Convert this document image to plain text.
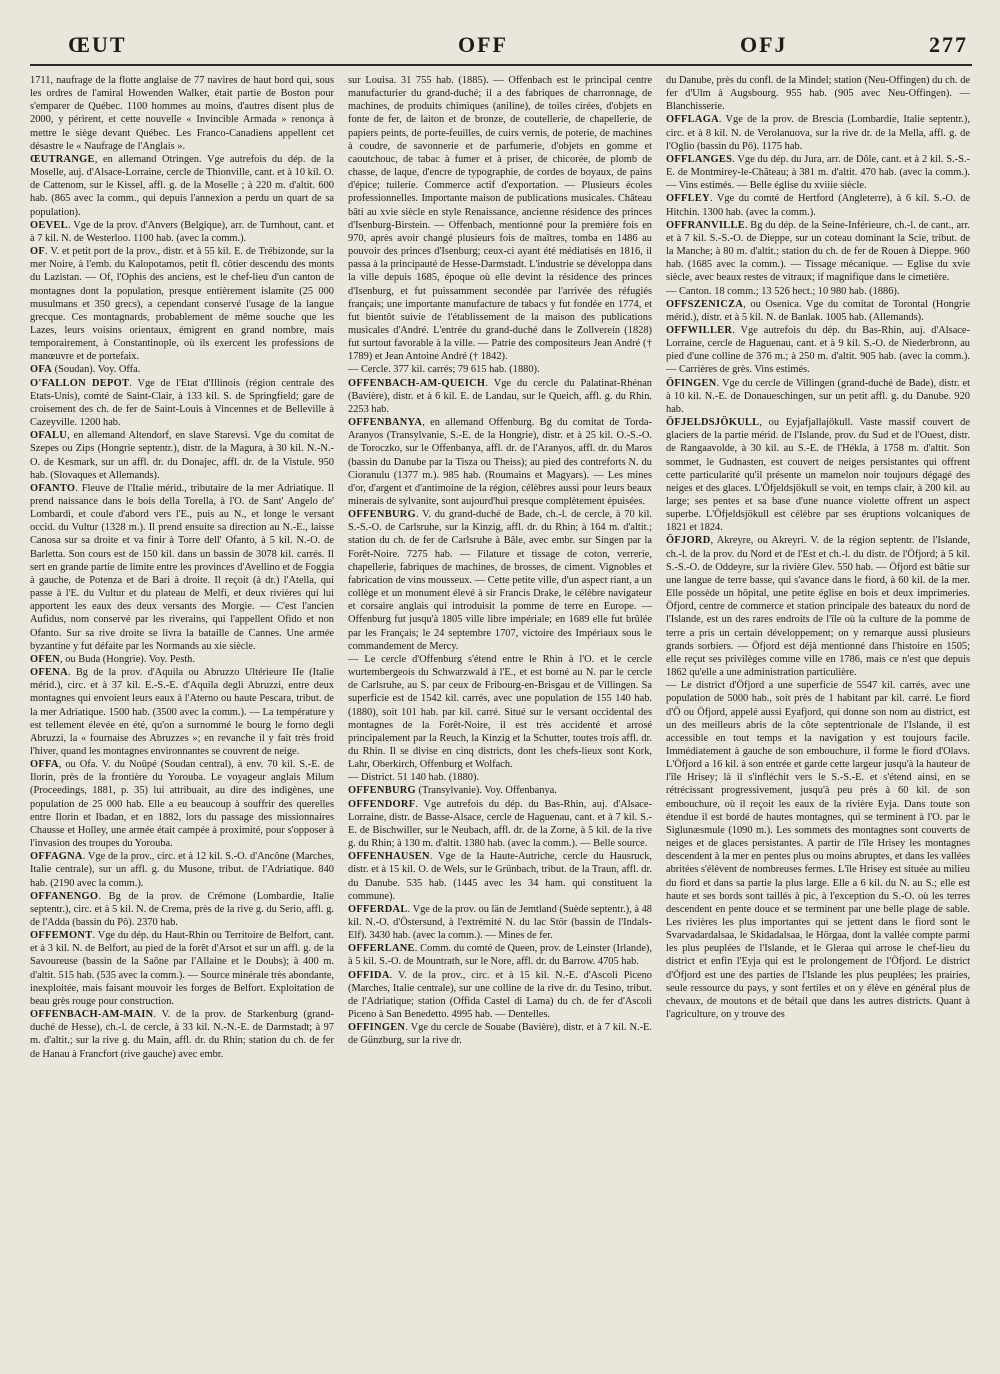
ŒUT	OFF	OFJ	277

1711, naufrage de la flotte anglaise de 77 navires de haut bord qui, sous les ordres de l'amiral Howenden Walker, était partie de Boston pour s'emparer de Québec. 1100 hommes au moins, d'autres disent plus de 2000, y périrent, et cette nouvelle « Invincible Armada » renonça à mettre le siège devant Québec. Les Franco-Canadiens appellent cet désastre le « Naufrage de l'Anglais ».

ŒUTRANGE, en allemand Otringen. Vge autrefois du dép. de la Moselle, auj. d'Alsace-Lorraine, cercle de Thionville, cant. et à 10 kil. O. de Cattenom, sur le Kissel, affl. g. de la Moselle ; à 220 m. d'altit. 600 hab. (865 avec la comm., qui depuis l'annexion a perdu un quart de sa population).

OEVEL. Vge de la prov. d'Anvers (Belgique), arr. de Turnhout, cant. et à 7 kil. N. de Westerloo. 1100 hab. (avec la comm.).

OF. V. et petit port de la prov., distr. et à 55 kil. E. de Trébizonde, sur la mer Noire, à l'emb. du Kalopotamos, petit fl. côtier descendu des monts du Lazistan. — Of, l'Ophis des anciens, est le chef-lieu d'un canton de montagnes dont la population, presque entièrement islamite (25 000 musulmans et 350 grecs), a cependant conservé l'usage de la langue grecque. Ces montagnards, probablement de même souche que les Lazes, leurs voisins orientaux, émigrent en grand nombre, mais temporairement, à Constantinople, où ils exercent les professions de manœuvre et de portefaix.

OFA (Soudan). Voy. Offa.

O'FALLON DEPOT. Vge de l'Etat d'Illinois (région centrale des Etats-Unis), comté de Saint-Clair, à 133 kil. S. de Springfield; gare de croisement des ch. de fer de Saint-Louis à Vincennes et de Belleville à Cazeyville. 1200 hab.

OFALU, en allemand Altendorf, en slave Starevsi. Vge du comitat de Szepes ou Zips (Hongrie septentr.), distr. de la Magura, à 30 kil. N.-N.-O. de Kesmark, sur un affl. dr. du Donajec, affl. dr. de la Vistule. 950 hab. (Slovaques et Allemands).

OFANTO. Fleuve de l'Italie mérid., tributaire de la mer Adriatique. Il prend naissance dans le bois della Torella, à l'O. de Sant' Angelo de' Lombardi, et coule d'abord vers l'E., puis au N., et longe le versant occid. du Vultur (1328 m.). Il prend ensuite sa direction au N.-E., laisse Canosa sur sa droite et va finir à Torre dell' Ofanto, à 5 kil. N.-O. de Barletta. Son cours est de 150 kil. dans un bassin de 3078 kil. carrés. Il sert en grande partie de limite entre les provinces d'Avellino et de Foggia à gauche, de Potenza et de Bari à droite. Il reçoit (à dr.) l'Atella, qui passe à l'E. du Vultur et du plateau de Melfi, et deux rivières qui lui apportent les eaux des deux versants des Morgie. — C'est l'ancien Aufidus, nom conservé par les riverains, qui l'appellent Ofido et non Ofanto. Sur sa rive droite se livra la bataille de Cannes. Une armée byzantine y fut défaite par les Normands au xie siècle.

OFEN, ou Buda (Hongrie). Voy. Pesth.

OFENA. Bg de la prov. d'Aquila ou Abruzzo Ultérieure IIe (Italie mérid.), circ. et à 37 kil. E.-S.-E. d'Aquila degli Abruzzi, entre deux montagnes qui envoient leurs eaux à l'Aterno ou haute Pescara, tribut. de la mer Adriatique. 1500 hab. (3500 avec la comm.). — La température y est tellement élevée en été, qu'on a surnommé le bourg le forno degli Abruzzi, la « fournaise des Abruzzes »; en revanche il y fait très froid l'hiver, quand les montagnes environnantes se couvrent de neige.

OFFA, ou Ofa. V. du Noûpé (Soudan central), à env. 70 kil. S.-E. de Ilorin, près de la frontière du Yorouba. Le voyageur anglais Milum (Proceedings, 1881, p. 35) lui attribuait, au dire des indigènes, une population de 25 000 hab. Elle a eu beaucoup à souffrir des querelles entre Ilorin et Ibadan, et en 1882, lors du passage des missionnaires Chausse et Holley, une armée était campée à proximité, pour s'opposer à l'invasion des troupes du Yorouba.

OFFAGNA. Vge de la prov., circ. et à 12 kil. S.-O. d'Ancône (Marches, Italie centrale), sur un affl. g. du Musone, tribut. de l'Adriatique. 840 hab. (2190 avec la comm.).

OFFANENGO. Bg de la prov. de Crémone (Lombardie, Italie septentr.), circ. et à 5 kil. N. de Crema, près de la rive g. du Serio, affl. g. de l'Adda (bassin du Pô). 2370 hab.

OFFEMONT. Vge du dép. du Haut-Rhin ou Territoire de Belfort, cant. et à 3 kil. N. de Belfort, au pied de la forêt d'Arsot et sur un affl. g. de la Savoureuse (bassin de la Saône par l'Allaine et le Doubs); à 400 m. d'altit. 515 hab. (535 avec la comm.). — Source minérale très abondante, inexploitée, mais faisant mouvoir les forges de Belfort. Exploitation de beau grès rouge pour construction.

OFFENBACH-AM-MAIN. V. de la prov. de Starkenburg (grand-duché de Hesse), ch.-l. de cercle, à 33 kil. N.-N.-E. de Darmstadt; à 97 m. d'altit.; sur la rive g. du Main, affl. dr. du Rhin; station du ch. de fer de Hanau à Francfort (rive gauche) avec embr.

sur Louisa. 31 755 hab. (1885). — Offenbach est le principal centre manufacturier du grand-duché; il a des fabriques de charronnage, de machines, de produits chimiques (aniline), de toiles cirées, d'objets en fonte de fer, de laiton et de bronze, de coutellerie, de chapellerie, de papiers peints, de porte-feuilles, de cuirs vernis, de poterie, de machines à coudre, de savonnerie et de parfumerie, d'objets en gomme et caoutchouc, de tabac à fumer et à priser, de chicorée, de plomb de chasse, de laque, d'encre de typographie, de cordes de boyaux, de pains d'épice; tuilerie. Commerce actif d'exportation. — Plusieurs écoles professionnelles. Importante maison de publications musicales. Château bâti au xvie siècle en style Renaissance, ancienne résidence des princes d'Isenburg-Birstein. — Offenbach, mentionné pour la première fois en 970, après avoir changé plusieurs fois de maîtres, tomba en 1486 au pouvoir des princes d'Isenburg; ceux-ci ayant été médiatisés en 1816, il passa à la principauté de Hesse-Darmstadt. L'industrie se développa dans la ville depuis 1685, époque où elle devint la résidence des princes d'Isenburg, et fut puissamment secondée par l'arrivée des réfugiés français; une importante manufacture de tabacs y fut fondée en 1774, et fut bientôt suivie de l'établissement de la maison des publications musicales d'André. L'entrée du grand-duché dans le Zollverein (1828) fut surtout favorable à la ville. — Patrie des compositeurs Jean André († 1789) et Jean Antoine André († 1842).

— Cercle. 377 kil. carrés; 79 615 hab. (1880).

OFFENBACH-AM-QUEICH. Vge du cercle du Palatinat-Rhénan (Bavière), distr. et à 6 kil. E. de Landau, sur le Queich, affl. g. du Rhin. 2253 hab.

OFFENBANYA, en allemand Offenburg. Bg du comitat de Torda-Aranyos (Transylvanie, S.-E. de la Hongrie), distr. et à 25 kil. O.-S.-O. de Toroczko, sur le Offenbanya, affl. dr. de l'Aranyos, affl. dr. du Maros (bassin du Danube par la Tisza ou Theiss); au pied des contreforts N. du Cioranulu (1377 m.). 985 hab. (Roumains et Magyars). — Les mines d'or, d'argent et d'antimoine de la région, célèbres aussi pour leurs beaux minerais de sylvanite, sont aujourd'hui presque complètement épuisées.

OFFENBURG. V. du grand-duché de Bade, ch.-l. de cercle, à 70 kil. S.-S.-O. de Carlsruhe, sur la Kinzig, affl. dr. du Rhin; à 164 m. d'altit.; station du ch. de fer de Carlsruhe à Bâle, avec embr. sur Singen par la Forêt-Noire. 7275 hab. — Filature et tissage de coton, verrerie, chapellerie, fabriques de machines, de brosses, de ciment. Vignobles et fabrication de vins mousseux. — Cette petite ville, d'un aspect riant, a un collège et un monument élevé à sir Francis Drake, le célèbre navigateur et corsaire anglais qui introduisit la pomme de terre en Europe. — Offenburg fut jusqu'à 1805 ville libre impériale; en 1689 elle fut brûlée par les Français; le 24 septembre 1707, victoire des Impériaux sous le commandement de Mercy.

— Le cercle d'Offenburg s'étend entre le Rhin à l'O. et le cercle wurtembergeois du Schwarzwald à l'E., et est borné au N. par le cercle de Carlsruhe, au S. par ceux de Fribourg-en-Brisgau et de Villingen. Sa superficie est de 1542 kil. carrés, avec une population de 155 140 hab. (1880), soit 101 hab. par kil. carré. Situé sur le versant occidental des montagnes de la Forêt-Noire, il est très accidenté et arrosé principalement par la Reuch, la Kinzig et la Schutter, toutes trois affl. dr. du Rhin. Il se divise en cinq districts, dont les chefs-lieux sont Kork, Lahr, Oberkirch, Offenburg et Wolfach.

— District. 51 140 hab. (1880).

OFFENBURG (Transylvanie). Voy. Offenbanya.

OFFENDORF. Vge autrefois du dép. du Bas-Rhin, auj. d'Alsace-Lorraine, distr. de Basse-Alsace, cercle de Haguenau, cant. et à 7 kil. S.-E. de Bischwiller, sur le Neubach, affl. dr. de la Zorne, à 5 kil. de la rive g. du Rhin; à 130 m. d'altit. 1380 hab. (avec la comm.). — Belle source.

OFFENHAUSEN. Vge de la Haute-Autriche, cercle du Hausruck, distr. et à 15 kil. O. de Wels, sur le Grünbach, tribut. de la Traun, affl. dr. du Danube. 535 hab. (1445 avec les 34 ham. qui constituent la commune).

OFFERDAL. Vge de la prov. ou län de Jemtland (Suède septentr.), à 48 kil. N.-O. d'Östersund, à l'extrémité N. du lac Stör (bassin de l'Indals-Elf). 3430 hab. (avec la comm.). — Mines de fer.

OFFERLANE. Comm. du comté de Queen, prov. de Leinster (Irlande), à 5 kil. S.-O. de Mountrath, sur le Nore, affl. dr. du Barrow. 4705 hab.

OFFIDA. V. de la prov., circ. et à 15 kil. N.-E. d'Ascoli Piceno (Marches, Italie centrale), sur une colline de la rive dr. du Tesino, tribut. de l'Adriatique; station (Offida Castel di Lama) du ch. de fer d'Ascoli Piceno à San Benedetto. 4995 hab. — Dentelles.

OFFINGEN. Vge du cercle de Souabe (Bavière), distr. et à 7 kil. N.-E. de Günzburg, sur la rive dr.

du Danube, près du confl. de la Mindel; station (Neu-Offingen) du ch. de fer d'Ulm à Augsbourg. 955 hab. (905 avec Neu-Offingen). — Blanchisserie.

OFFLAGA. Vge de la prov. de Brescia (Lombardie, Italie septentr.), circ. et à 8 kil. N. de Verolanuova, sur la rive dr. de la Mella, affl. g. de l'Oglio (bassin du Pô). 1175 hab.

OFFLANGES. Vge du dép. du Jura, arr. de Dôle, cant. et à 2 kil. S.-S.-E. de Montmirey-le-Château; à 381 m. d'altit. 470 hab. (avec la comm.). — Vins estimés. — Belle église du xviiie siècle.

OFFLEY. Vge du comté de Hertford (Angleterre), à 6 kil. S.-O. de Hitchin. 1300 hab. (avec la comm.).

OFFRANVILLE. Bg du dép. de la Seine-Inférieure, ch.-l. de cant., arr. et à 7 kil. S.-S.-O. de Dieppe, sur un coteau dominant la Scie, tribut. de la Manche; à 80 m. d'altit.; station du ch. de fer de Rouen à Dieppe. 960 hab. (1685 avec la comm.). — Tissage mécanique. — Eglise du xvie siècle, avec beaux restes de vitraux; if magnifique dans le cimetière.

— Canton. 18 comm.; 13 526 hect.; 10 980 hab. (1886).

OFFSZENICZA, ou Osenica. Vge du comitat de Torontal (Hongrie mérid.), distr. et à 5 kil. N. de Banlak. 1005 hab. (Allemands).

OFFWILLER. Vge autrefois du dép. du Bas-Rhin, auj. d'Alsace-Lorraine, cercle de Haguenau, cant. et à 9 kil. S.-O. de Niederbronn, au pied d'une colline de 376 m.; à 250 m. d'altit. 905 hab. (avec la comm.). — Carrières de grès. Vins estimés.

ÖFINGEN. Vge du cercle de Villingen (grand-duché de Bade), distr. et à 10 kil. N.-E. de Donaueschingen, sur un petit affl. g. du Danube. 920 hab.

ÖFJELDSJÖKULL, ou Eyjafjallajökull. Vaste massif couvert de glaciers de la partie mérid. de l'Islande, prov. du Sud et de l'Ouest, distr. de Rangaavolde, à 30 kil. au S.-E. de l'Hékla, à 1758 m. d'altit. Son sommet, le Gudnasten, est couvert de neiges persistantes qui offrent cette particularité qu'il présente un mamelon noir toujours dégagé des neiges et des glaces. L'Öfjeldsjökull se voit, en temps clair, à 200 kil. au large; ses pentes et sa base d'une nuance violette offrent un aspect superbe. L'Öfjeldsjökull est célèbre par ses éruptions volcaniques de 1821 et 1824.

ÖFJORD, Akreyre, ou Akreyri. V. de la région septentr. de l'Islande, ch.-l. de la prov. du Nord et de l'Est et ch.-l. du distr. de l'Öfjord; à 5 kil. S.-S.-O. de Oddeyre, sur la rivière Glev. 550 hab. — Öfjord est bâtie sur une langue de terre basse, qui s'avance dans le fiord, à 60 kil. de la mer. Elle possède un hôpital, une petite église en bois et deux imprimeries. Öfjord, centre de commerce et station principale des bateaux du nord de l'Islande, est un des rares endroits de l'île où la culture de la pomme de terre a pris un certain développement; on y remarque aussi plusieurs grands sorbiers. — Öfjord est déjà mentionné dans l'histoire en 1505; elle reçut ses privilèges comme ville en 1786, mais ce n'est que depuis 1862 qu'elle a une administration particulière.

— Le district d'Öfjord a une superficie de 5547 kil. carrés, avec une population de 5000 hab., soit près de 1 habitant par kil. carré. Le fiord d'Ö ou Öfjord, appelé aussi Eyafjord, qui donne son nom au district, est un des meilleurs abris de la côte septentrionale de l'Islande, il est accessible en tout temps et la navigation y est toujours facile. Immédiatement à gauche de son embouchure, il forme le fiord d'Olavs. L'Öfjord a 16 kil. à son entrée et garde cette largeur jusqu'à la hauteur de l'île Hrisey; là il s'infléchit vers le S.-S.-E. et s'étend ainsi, en se rétrécissant progressivement, jusqu'à peu près à 60 kil. de son embouchure, où il reçoit les eaux de la rivière Eyja. Dans toute son étendue il est bordé de hautes montagnes, qui se terminent à l'O. par le Siglunæsmule (1090 m.). Les sommets des montagnes sont couverts de neiges et de glaces persistantes. A partir de l'île Hrisey les montagnes descendent à la mer en pentes plus ou moins abruptes, et dans les vallées abritées s'élèvent de nombreuses fermes. L'île Hrisey est située au milieu du fiord et dans sa partie la plus large. Elle a 6 kil. du N. au S.; elle est haute et ses bords sont taillés à pic, à l'exception du S.-O. où les terres descendent en pente douce et se terminent par une belle plage de sable. Les rivières les plus importantes qui se jettent dans le fiord sont le Svarvadardalsaa, le Skidadalsaa, le Hörgaa, dont la vallée compte parmi les plus peuplées de l'Islande, et le Gleraa qui arrose le chef-lieu du district et enfin l'Eyja qui est le prolongement de l'Öfjord. Le district d'Öfjord est une des parties de l'Islande les plus peuplées; les prairies, seule ressource du pays, y sont fertiles et on y élève en général plus de chevaux, de moutons et de bétail que dans les autres districts. Quant à l'agriculture, on y trouve des
